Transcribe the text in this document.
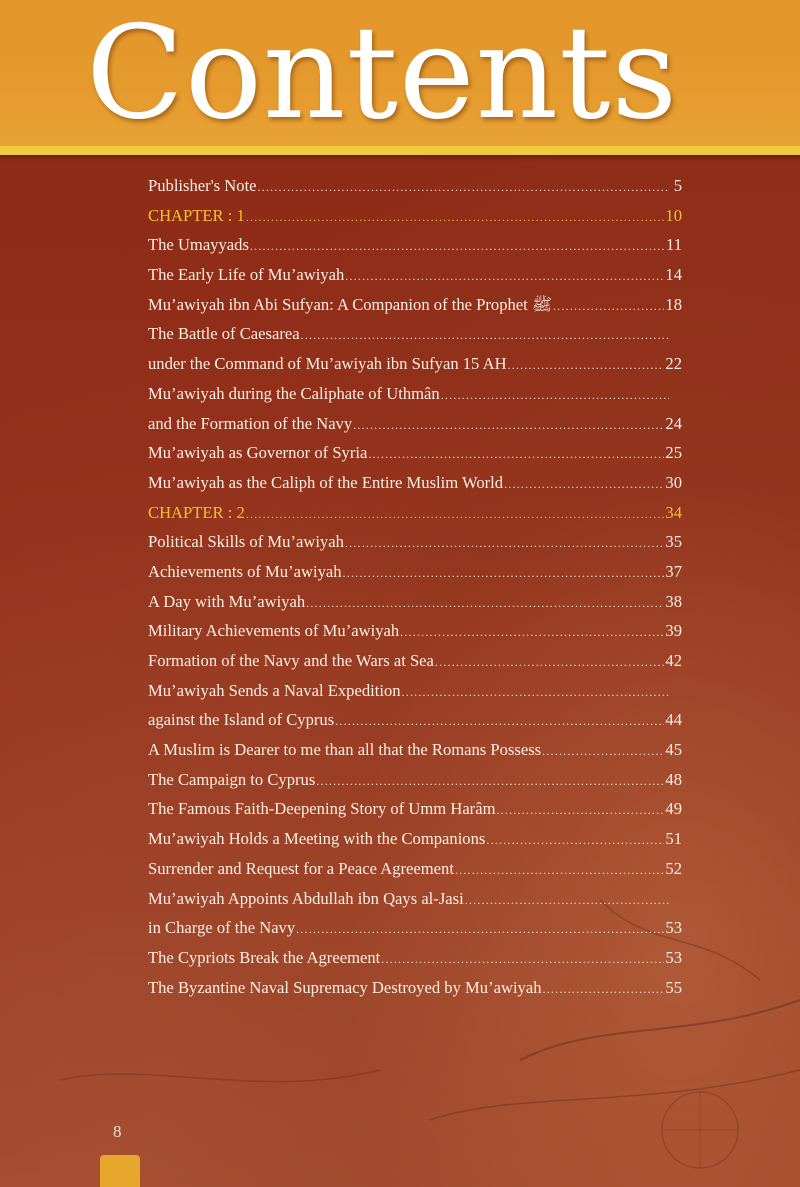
Contents
Publisher's Note .....	5
CHAPTER : 1 .....	10
The Umayyads .....	11
The Early Life of Mu’awiyah .....	14
Mu’awiyah ibn Abi Sufyan: A Companion of the Prophet ﷺ .....	18
The Battle of Caesarea
.....
under the Command of Mu’awiyah ibn Sufyan 15 AH .....	22
Mu’awiyah during the Caliphate of Uthmân
.....
and the Formation of the Navy .....	24
Mu’awiyah as Governor of Syria .....	25
Mu’awiyah as the Caliph of the Entire Muslim World .....	30
CHAPTER : 2 .....	34
Political Skills of Mu’awiyah .....	35
Achievements of Mu’awiyah .....	37
A Day with Mu’awiyah .....	38
Military Achievements of Mu’awiyah .....	39
Formation of the Navy and the Wars at Sea .....	42
Mu’awiyah Sends a Naval Expedition
.....
against the Island of Cyprus .....	44
A Muslim is Dearer to me than all that the Romans Possess .....	45
The Campaign to Cyprus .....	48
The Famous Faith-Deepening Story of Umm Harâm .....	49
Mu’awiyah Holds a Meeting with the Companions .....	51
Surrender and Request for a Peace Agreement .....	52
Mu’awiyah Appoints Abdullah ibn Qays al-Jasi
.....
in Charge of the Navy .....	53
The Cypriots Break the Agreement .....	53
The Byzantine Naval Supremacy Destroyed by Mu’awiyah .....	55
8
